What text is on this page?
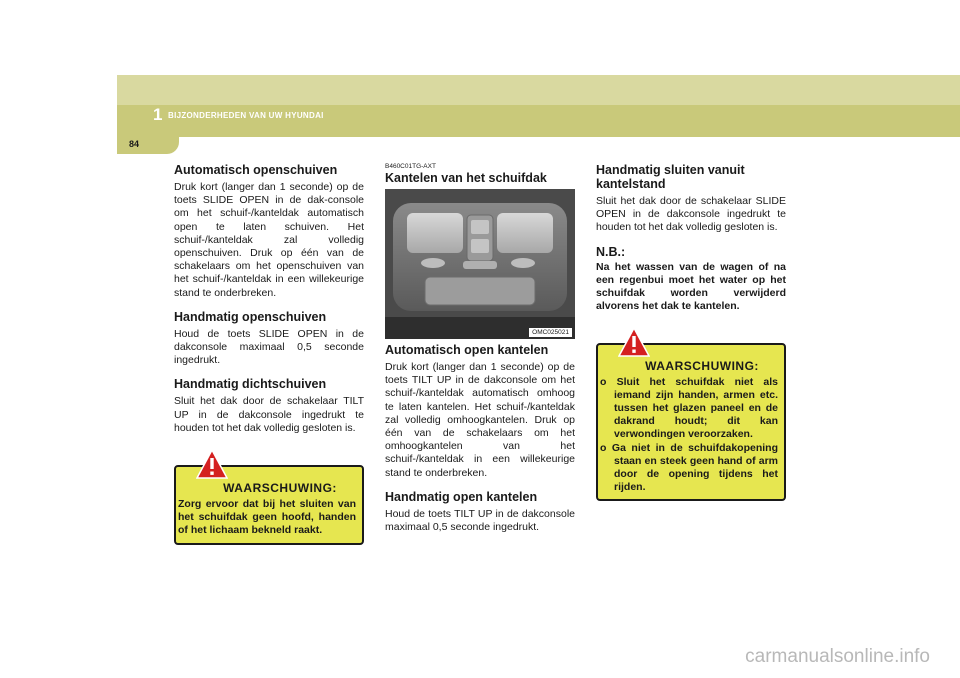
1 BIJZONDERHEDEN VAN UW HYUNDAI
84
Automatisch openschuiven

Druk kort (langer dan 1 seconde) op de toets SLIDE OPEN in de dak-console om het schuif-/kanteldak automatisch open te laten schuiven. Het schuif-/kanteldak zal volledig openschuiven. Druk op één van de schakelaars om het openschuiven van het schuif-/kanteldak in een willekeurige stand te onderbreken.

Handmatig openschuiven

Houd de toets SLIDE OPEN in de dakconsole maximaal 0,5 seconde ingedrukt.

Handmatig dichtschuiven

Sluit het dak door de schakelaar TILT UP in de dakconsole ingedrukt te houden tot het dak volledig gesloten is.

WAARSCHUWING:

Zorg ervoor dat bij het sluiten van het schuifdak geen hoofd, handen of het lichaam bekneld raakt.

B460C01TG-AXT

Kantelen van het schuifdak
OMC025021
Automatisch open kantelen

Druk kort (langer dan 1 seconde) op de toets TILT UP in de dakconsole om het schuif-/kanteldak automatisch omhoog te laten kantelen. Het schuif-/kanteldak zal volledig omhoogkantelen. Druk op één van de schakelaars om het omhoogkantelen van het schuif-/kanteldak in een willekeurige stand te onderbreken.

Handmatig open kantelen

Houd de toets TILT UP in de dakconsole maximaal 0,5 seconde ingedrukt.

Handmatig sluiten vanuit kantelstand

Sluit het dak door de schakelaar SLIDE OPEN in de dakconsole ingedrukt te houden tot het dak volledig gesloten is.

N.B.:

Na het wassen van de wagen of na een regenbui moet het water op het schuifdak worden verwijderd alvorens het dak te kantelen.

WAARSCHUWING:
o Sluit het schuifdak niet als iemand zijn handen, armen etc. tussen het glazen paneel en de dakrand houdt; dit kan verwondingen veroorzaken.
o Ga niet in de schuifdakopening staan en steek geen hand of arm door de opening tijdens het rijden.
carmanualsonline.info
